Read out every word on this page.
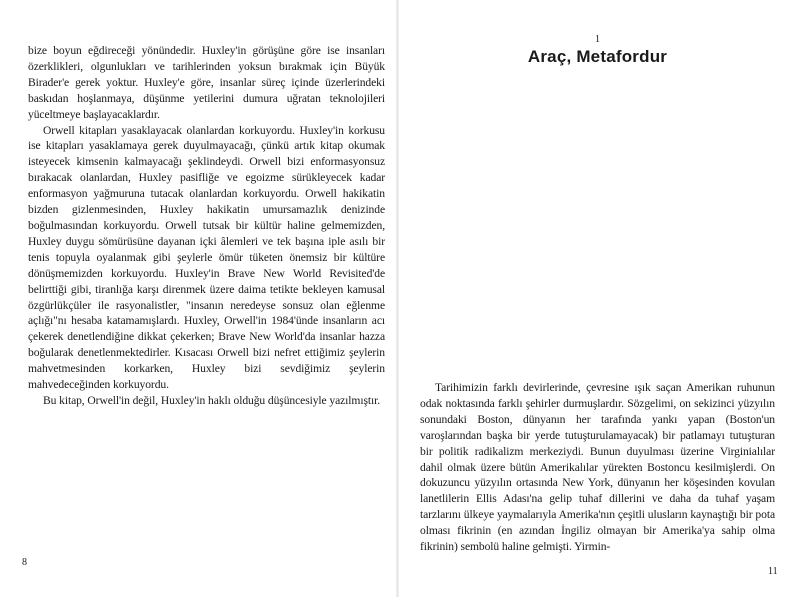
bize boyun eğdireceği yönündedir. Huxley'in görüşüne göre ise insanları özerklikleri, olgunlukları ve tarihlerinden yoksun bırakmak için Büyük Birader'e gerek yoktur. Huxley'e göre, insanlar süreç içinde üzerlerindeki baskıdan hoşlanmaya, düşünme yetilerini dumura uğratan teknolojileri yüceltmeye başlayacaklardır.

Orwell kitapları yasaklayacak olanlardan korkuyordu. Huxley'in korkusu ise kitapları yasaklamaya gerek duyulmayacağı, çünkü artık kitap okumak isteyecek kimsenin kalmayacağı şeklindeydi. Orwell bizi enformasyonsuz bırakacak olanlardan, Huxley pasifliğe ve egoizme sürükleyecek kadar enformasyon yağmuruna tutacak olanlardan korkuyordu. Orwell hakikatin bizden gizlenmesinden, Huxley hakikatin umursamazlık denizinde boğulmasından korkuyordu. Orwell tutsak bir kültür haline gelmemizden, Huxley duygu sömürüsüne dayanan içki âlemleri ve tek başına iple asılı bir tenis topuyla oyalanmak gibi şeylerle ömür tüketen önemsiz bir kültüre dönüşmemizden korkuyordu. Huxley'in Brave New World Revisited'de belirttiği gibi, tiranlığa karşı direnmek üzere daima tetikte bekleyen kamusal özgürlükçüler ile rasyonalistler, "insanın neredeyse sonsuz olan eğlenme açlığı"nı hesaba katamamışlardı. Huxley, Orwell'in 1984'ünde insanların acı çekerek denetlendiğine dikkat çekerken; Brave New World'da insanlar hazza boğularak denetlenmektedirler. Kısacası Orwell bizi nefret ettiğimiz şeylerin mahvetmesinden korkarken, Huxley bizi sevdiğimiz şeylerin mahvedeceğinden korkuyordu.

Bu kitap, Orwell'in değil, Huxley'in haklı olduğu düşüncesiyle yazılmıştır.

8
1
Araç, Metafordur

Tarihimizin farklı devirlerinde, çevresine ışık saçan Amerikan ruhunun odak noktasında farklı şehirler durmuşlardır. Sözgelimi, on sekizinci yüzyılın sonundaki Boston, dünyanın her tarafında yankı yapan (Boston'un varoşlarından başka bir yerde tutuşturulamayacak) bir patlamayı tutuşturan bir politik radikalizm merkeziydi. Bunun duyulması üzerine Virginialılar dahil olmak üzere bütün Amerikalılar yürekten Bostoncu kesilmişlerdi. On dokuzuncu yüzyılın ortasında New York, dünyanın her köşesinden kovulan lanetlilerin Ellis Adası'na gelip tuhaf dillerini ve daha da tuhaf yaşam tarzlarını ülkeye yaymalarıyla Amerika'nın çeşitli ulusların kaynaştığı bir pota olması fikrinin (en azından İngiliz olmayan bir Amerika'ya sahip olma fikrinin) sembolü haline gelmişti. Yirmin-

11
